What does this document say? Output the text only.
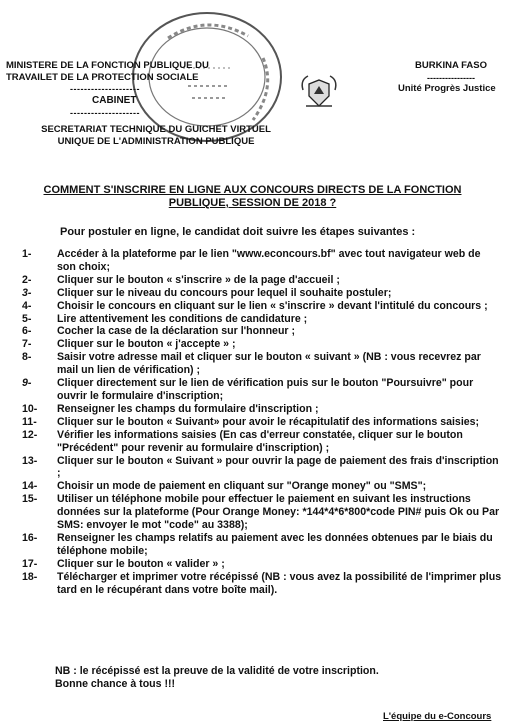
MINISTERE DE LA FONCTION PUBLIQUE DU
TRAVAILET DE LA PROTECTION SOCIALE
--------------------
CABINET
--------------------
SECRETARIAT TECHNIQUE DU GUICHET VIRTUEL
UNIQUE DE L'ADMINISTRATION PUBLIQUE
BURKINA FASO
----------------
Unité Progrès Justice
COMMENT S'INSCRIRE EN LIGNE AUX CONCOURS DIRECTS DE LA FONCTION PUBLIQUE, SESSION DE 2018 ?
Pour postuler en ligne, le candidat doit suivre les étapes suivantes :
1-	Accéder à la plateforme par le lien "www.econcours.bf" avec tout navigateur web de son choix;
2-	Cliquer sur le bouton « s'inscrire » de la page d'accueil ;
3-	Cliquer sur le niveau du concours pour lequel il souhaite postuler;
4-	Choisir le concours en cliquant sur le lien « s'inscrire » devant l'intitulé du concours ;
5-	Lire attentivement les conditions de candidature ;
6-	Cocher la case de la déclaration sur l'honneur ;
7-	Cliquer sur le bouton « j'accepte » ;
8-	Saisir votre adresse mail et cliquer sur le bouton « suivant » (NB : vous recevrez par mail un lien de vérification) ;
9-	Cliquer directement sur le lien de vérification puis sur le bouton "Poursuivre" pour ouvrir le formulaire d'inscription;
10-	Renseigner les champs du formulaire d'inscription ;
11-	Cliquer sur le bouton « Suivant» pour avoir le récapitulatif des informations saisies;
12-	Vérifier les informations saisies (En cas d'erreur constatée, cliquer sur le bouton "Précédent" pour revenir au formulaire d'inscription) ;
13-	Cliquer sur le bouton « Suivant » pour ouvrir la page de paiement des frais d'inscription ;
14-	Choisir un mode de paiement en cliquant sur "Orange money" ou "SMS";
15-	Utiliser un téléphone mobile pour effectuer le paiement en suivant les instructions données sur la plateforme (Pour Orange Money: *144*4*6*800*code PIN# puis Ok ou Par SMS: envoyer le mot "code" au 3388);
16-	Renseigner les champs relatifs au paiement avec les données obtenues par le biais du téléphone mobile;
17-	Cliquer sur le bouton « valider » ;
18-	Télécharger et imprimer votre récépissé (NB : vous avez la possibilité de l'imprimer plus tard en le récupérant dans votre boîte mail).
NB : le récépissé est la preuve de la validité de votre inscription.
Bonne chance à tous !!!
L'équipe du e-Concours
